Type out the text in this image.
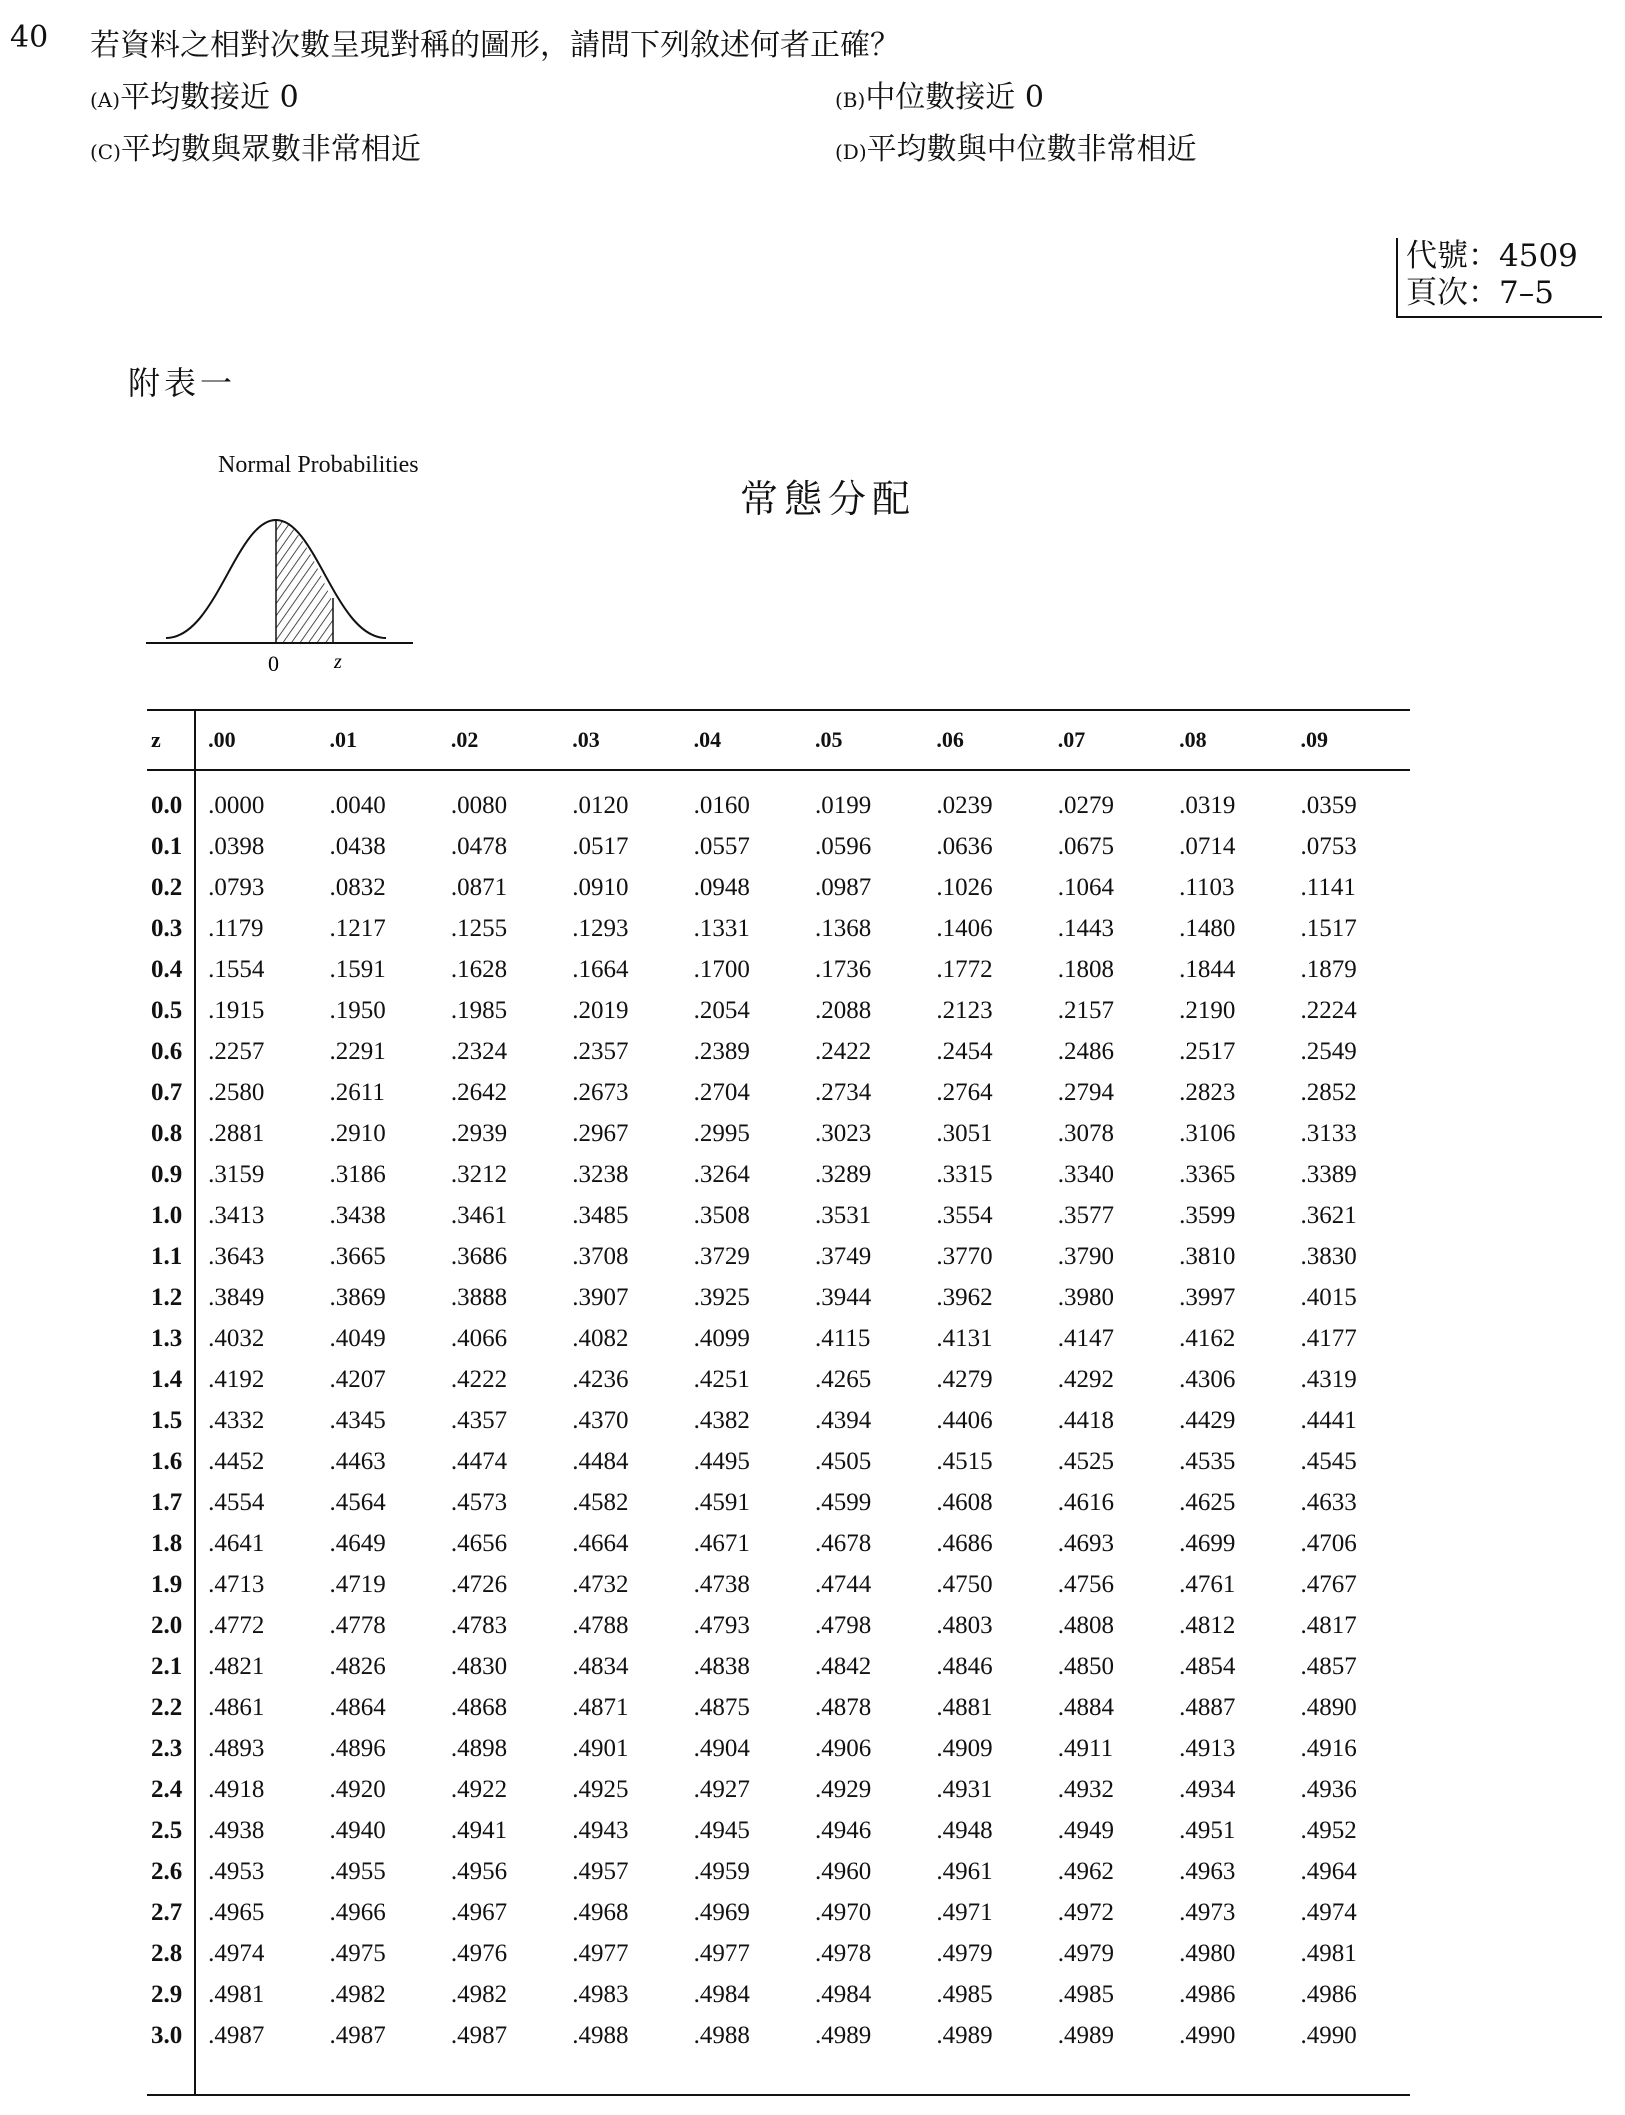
40 若資料之相對次數呈現對稱的圖形，請問下列敘述何者正確？
(A)平均數接近 0	(B)中位數接近 0
(C)平均數與眾數非常相近	(D)平均數與中位數非常相近
代號：4509
頁次：7–5
附表一
Normal Probabilities
0	z
常態分配
z	.00	.01	.02	.03	.04	.05	.06	.07	.08	.09
0.0	.0000	.0040	.0080	.0120	.0160	.0199	.0239	.0279	.0319	.0359
0.1	.0398	.0438	.0478	.0517	.0557	.0596	.0636	.0675	.0714	.0753
0.2	.0793	.0832	.0871	.0910	.0948	.0987	.1026	.1064	.1103	.1141
0.3	.1179	.1217	.1255	.1293	.1331	.1368	.1406	.1443	.1480	.1517
0.4	.1554	.1591	.1628	.1664	.1700	.1736	.1772	.1808	.1844	.1879
0.5	.1915	.1950	.1985	.2019	.2054	.2088	.2123	.2157	.2190	.2224
0.6	.2257	.2291	.2324	.2357	.2389	.2422	.2454	.2486	.2517	.2549
0.7	.2580	.2611	.2642	.2673	.2704	.2734	.2764	.2794	.2823	.2852
0.8	.2881	.2910	.2939	.2967	.2995	.3023	.3051	.3078	.3106	.3133
0.9	.3159	.3186	.3212	.3238	.3264	.3289	.3315	.3340	.3365	.3389
1.0	.3413	.3438	.3461	.3485	.3508	.3531	.3554	.3577	.3599	.3621
1.1	.3643	.3665	.3686	.3708	.3729	.3749	.3770	.3790	.3810	.3830
1.2	.3849	.3869	.3888	.3907	.3925	.3944	.3962	.3980	.3997	.4015
1.3	.4032	.4049	.4066	.4082	.4099	.4115	.4131	.4147	.4162	.4177
1.4	.4192	.4207	.4222	.4236	.4251	.4265	.4279	.4292	.4306	.4319
1.5	.4332	.4345	.4357	.4370	.4382	.4394	.4406	.4418	.4429	.4441
1.6	.4452	.4463	.4474	.4484	.4495	.4505	.4515	.4525	.4535	.4545
1.7	.4554	.4564	.4573	.4582	.4591	.4599	.4608	.4616	.4625	.4633
1.8	.4641	.4649	.4656	.4664	.4671	.4678	.4686	.4693	.4699	.4706
1.9	.4713	.4719	.4726	.4732	.4738	.4744	.4750	.4756	.4761	.4767
2.0	.4772	.4778	.4783	.4788	.4793	.4798	.4803	.4808	.4812	.4817
2.1	.4821	.4826	.4830	.4834	.4838	.4842	.4846	.4850	.4854	.4857
2.2	.4861	.4864	.4868	.4871	.4875	.4878	.4881	.4884	.4887	.4890
2.3	.4893	.4896	.4898	.4901	.4904	.4906	.4909	.4911	.4913	.4916
2.4	.4918	.4920	.4922	.4925	.4927	.4929	.4931	.4932	.4934	.4936
2.5	.4938	.4940	.4941	.4943	.4945	.4946	.4948	.4949	.4951	.4952
2.6	.4953	.4955	.4956	.4957	.4959	.4960	.4961	.4962	.4963	.4964
2.7	.4965	.4966	.4967	.4968	.4969	.4970	.4971	.4972	.4973	.4974
2.8	.4974	.4975	.4976	.4977	.4977	.4978	.4979	.4979	.4980	.4981
2.9	.4981	.4982	.4982	.4983	.4984	.4984	.4985	.4985	.4986	.4986
3.0	.4987	.4987	.4987	.4988	.4988	.4989	.4989	.4989	.4990	.4990
